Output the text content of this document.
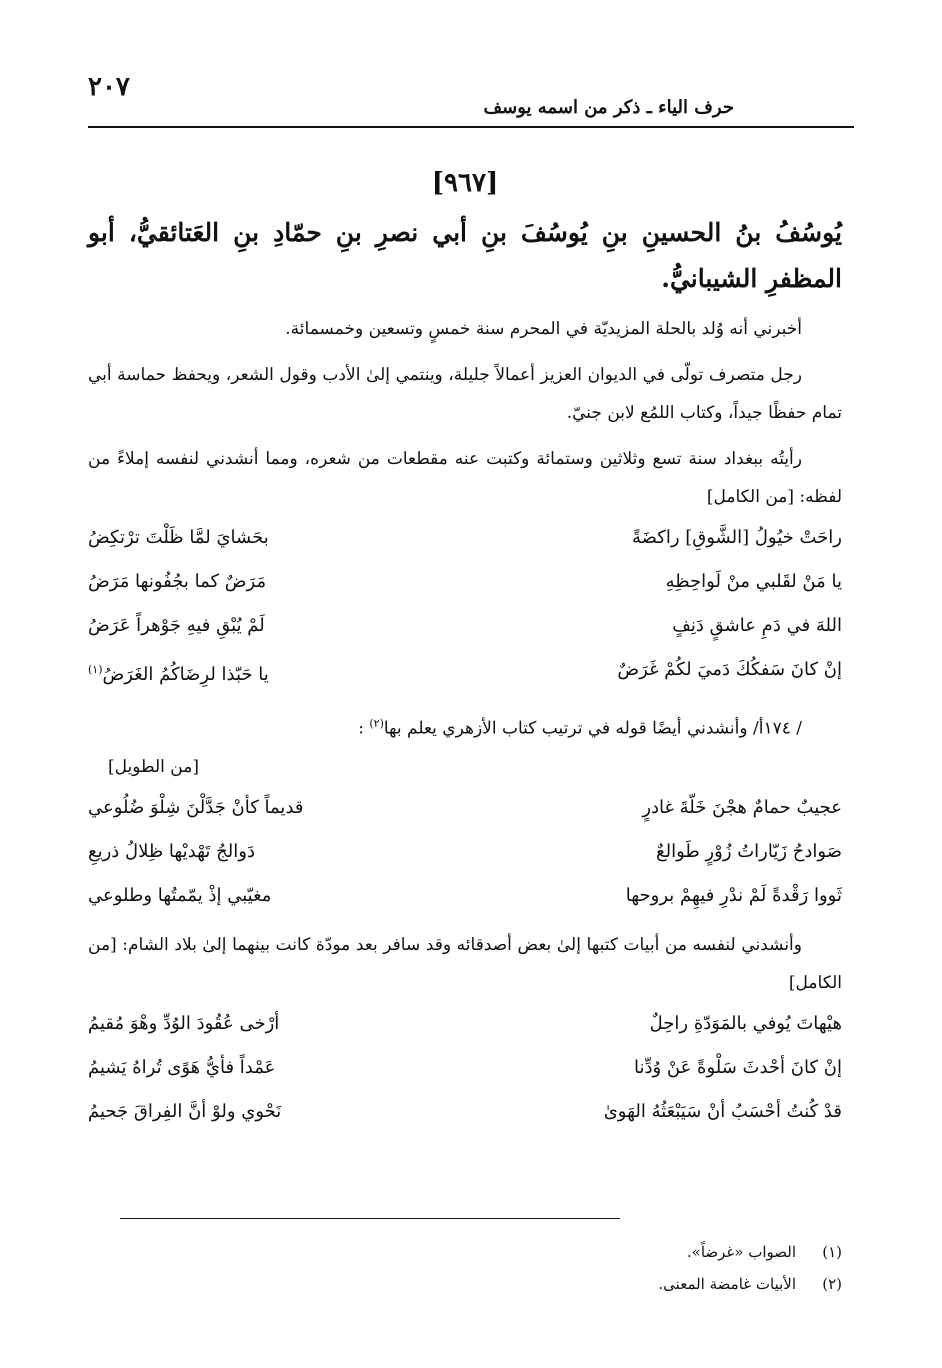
٢٠٧
حرف الياء ـ ذكر من اسمه يوسف
[٩٦٧]
يُوسُفُ بنُ الحسينِ بنِ يُوسُفَ بنِ أبي نصرِ بنِ حمّادِ بنِ العَتائقيُّ، أبو المظفرِ الشيبانيُّ.
أخبرني أنه وُلد بالحلة المزيديّة في المحرم سنة خمسٍ وتسعين وخمسمائة.
رجل متصرف تولّى في الديوان العزيز أعمالاً جليلة، وينتمي إلىٰ الأدب وقول الشعر، ويحفظ حماسة أبي تمام حفظًا جيداً، وكتاب اللمُع لابن جنيّ.
رأيتُه ببغداد سنة تسع وثلاثين وستمائة وكتبت عنه مقطعات من شعره، ومما أنشدني لنفسه إملاءً من لفظه: [من الكامل]
راحَتْ خيُولُ [الشَّوقِ] راكضَةً
بحَشايَ لمَّا ظَلْتَ ترْتكِضُ
يا مَنْ لقَلبي منْ لَواحِظِهِ
مَرَضٌ كما بجُفُونها مَرَضُ
اللهَ في دَمِ عاشقٍ دَنِفٍ
لَمْ يُبْقِ فيهِ جَوْهراً عَرَضُ
إنْ كانَ سَفكُكَ دَميَ لكُمْ غَرَضٌ
يا حَبّذا لرِضَاكُمُ الغَرَضُ$^{(١)}$
/ ١٧٤أ/ وأنشدني أيضًا قوله في ترتيب كتاب الأزهري يعلم بها$^{(٢)}$ :
[من الطويل]
عجيبٌ حمامٌ هجْنَ خَلّةَ غادرٍ
قديماً كأنْ جَدَّلْنَ شِلْوَ ضُلُوعي
صَوادحُ زَيّاراتُ زُوْرٍ طَوالعٌ
دَوالجُ تَهْديْها ظِلالُ ذريعِ
ثَووا رَقْدةً لَمْ ندْرِ فيهِمْ بروحها
مغيّبي إذْ يمّمتُها وطلوعي
وأنشدني لنفسه من أبيات كتبها إلىٰ بعض أصدقائه وقد سافر بعد مودّة كانت بينهما إلىٰ بلاد الشام: [من الكامل]
هيْهاتَ يُوفي بالمَوَدّةِ راحِلٌ
أرْخى عُقُودَ الوُدِّ وهْوَ مُقيمُ
إنْ كانَ أحْدثَ سَلْوةً عَنْ وُدِّنا
عَمْداً فأيُّ هَوًى تُراهُ يَشيمُ
قدْ كُنتُ أحْسَبُ أنْ سَيَبْعَثُهُ الهَوىٰ
نَحْوي ولوْ أنَّ الفِراقَ جَحيمُ
(١)
الصواب «غرضاً».
(٢)
الأبيات غامضة المعنى.
